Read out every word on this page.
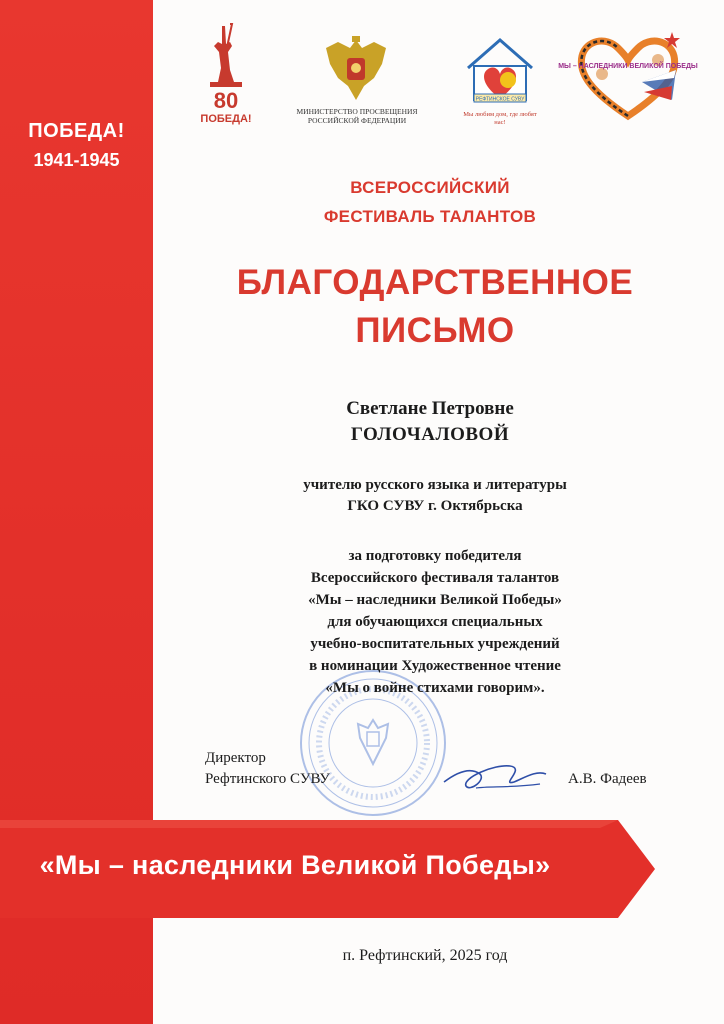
ПОБЕДА!
1941-1945
80
ПОБЕДА!
МИНИСТЕРСТВО ПРОСВЕЩЕНИЯ РОССИЙСКОЙ ФЕДЕРАЦИИ
РЕФТИНСКОЕ СУВУ
Мы любим дом, где любят нас!
МЫ – НАСЛЕДНИКИ ВЕЛИКОЙ ПОБЕДЫ
ВСЕРОССИЙСКИЙ
ФЕСТИВАЛЬ ТАЛАНТОВ
БЛАГОДАРСТВЕННОЕ
ПИСЬМО
Светлане Петровне
ГОЛОЧАЛОВОЙ
учителю русского языка и литературы
ГКО СУВУ г. Октябрьска
за подготовку победителя
Всероссийского фестиваля талантов
«Мы – наследники Великой Победы»
для обучающихся специальных
учебно-воспитательных учреждений
в номинации Художественное чтение
«Мы о войне стихами говорим».
Директор
Рефтинского СУВУ	А.В. Фадеев
«Мы – наследники Великой Победы»
п. Рефтинский, 2025 год
